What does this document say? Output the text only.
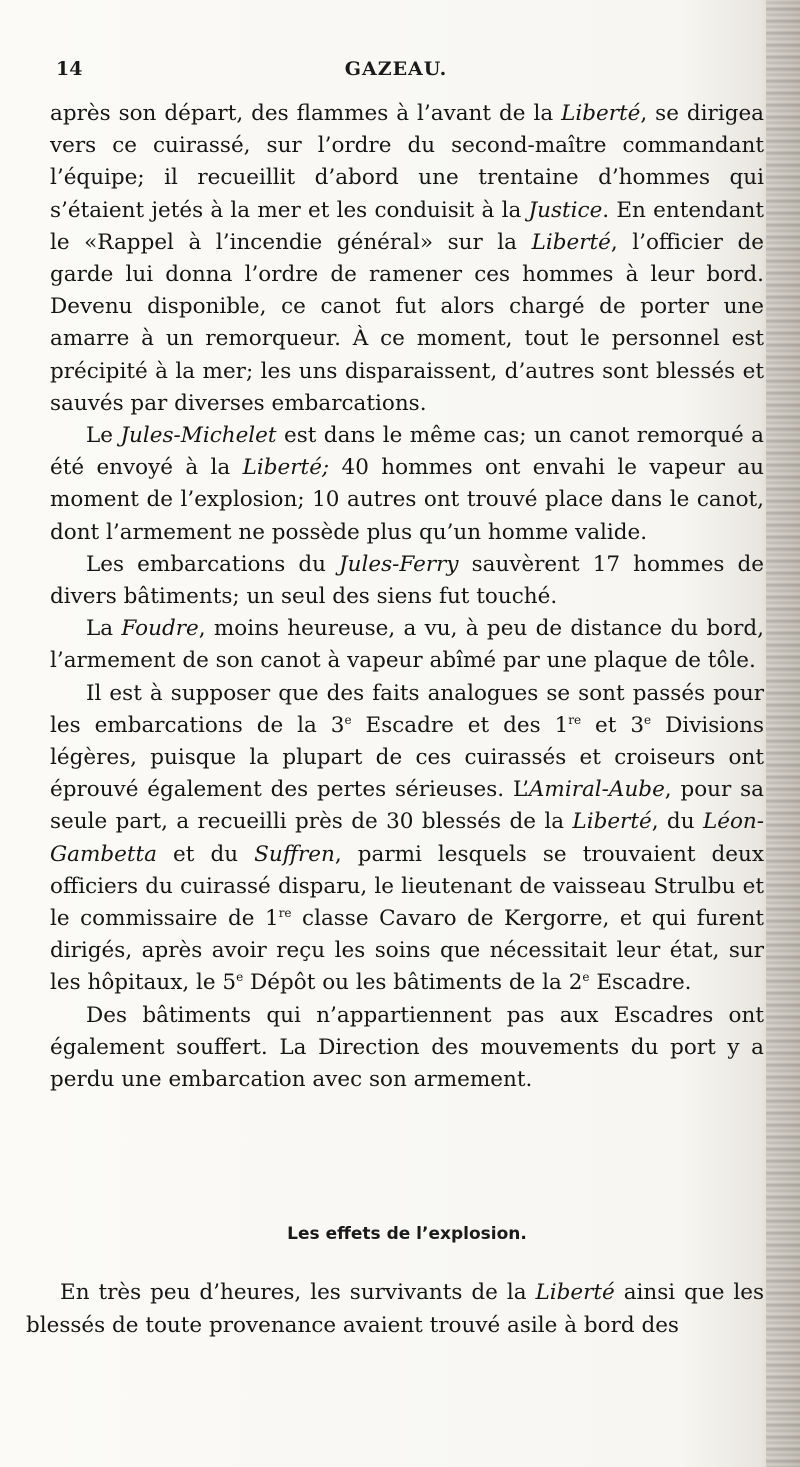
14	GAZEAU.

après son départ, des flammes à l’avant de la Liberté, se dirigea vers ce cuirassé, sur l’ordre du second-maître commandant l’équipe; il recueillit d’abord une trentaine d’hommes qui s’étaient jetés à la mer et les conduisit à la Justice. En entendant le «Rappel à l’incendie général» sur la Liberté, l’officier de garde lui donna l’ordre de ramener ces hommes à leur bord. Devenu disponible, ce canot fut alors chargé de porter une amarre à un remorqueur. À ce moment, tout le personnel est précipité à la mer; les uns disparaissent, d’autres sont blessés et sauvés par diverses embarcations.

Le Jules-Michelet est dans le même cas; un canot remorqué a été envoyé à la Liberté; 40 hommes ont envahi le vapeur au moment de l’explosion; 10 autres ont trouvé place dans le canot, dont l’armement ne possède plus qu’un homme valide.

Les embarcations du Jules-Ferry sauvèrent 17 hommes de divers bâtiments; un seul des siens fut touché.

La Foudre, moins heureuse, a vu, à peu de distance du bord, l’armement de son canot à vapeur abîmé par une plaque de tôle.

Il est à supposer que des faits analogues se sont passés pour les embarcations de la 3e Escadre et des 1re et 3e Divisions légères, puisque la plupart de ces cuirassés et croiseurs ont éprouvé également des pertes sérieuses. L’Amiral-Aube, pour sa seule part, a recueilli près de 30 blessés de la Liberté, du Léon-Gambetta et du Suffren, parmi lesquels se trouvaient deux officiers du cuirassé disparu, le lieutenant de vaisseau Strulbu et le commissaire de 1re classe Cavaro de Kergorre, et qui furent dirigés, après avoir reçu les soins que nécessitait leur état, sur les hôpitaux, le 5e Dépôt ou les bâtiments de la 2e Escadre.

Des bâtiments qui n’appartiennent pas aux Escadres ont également souffert. La Direction des mouvements du port y a perdu une embarcation avec son armement.

Les effets de l’explosion.

En très peu d’heures, les survivants de la Liberté ainsi que les blessés de toute provenance avaient trouvé asile à bord des
